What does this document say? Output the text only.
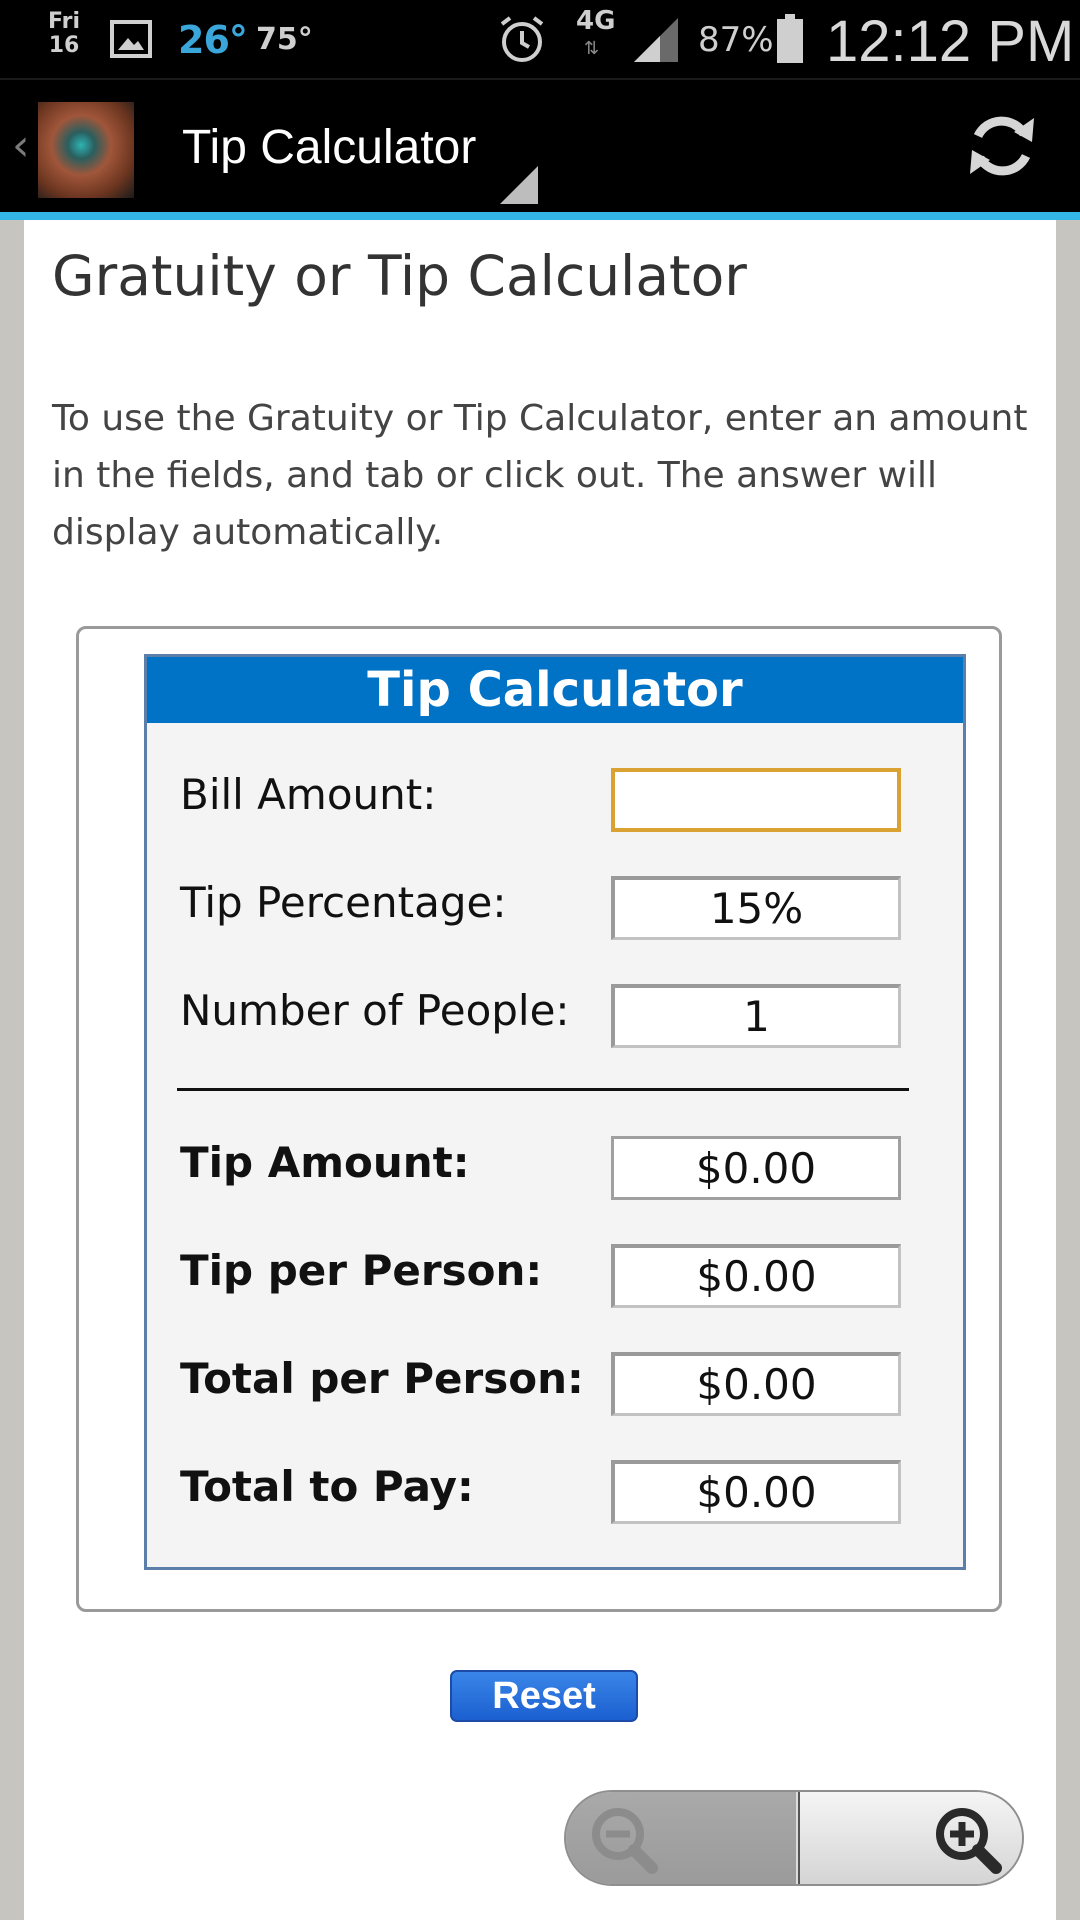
Fri
16	26° 75°
4G
⇅	87% 12:12 PM
‹	Tip Calculator
Gratuity or Tip Calculator

To use the Gratuity or Tip Calculator, enter an amount in the fields, and tab or click out. The answer will display automatically.

Tip Calculator
Bill Amount:
Tip Percentage:
15%
Number of People:
1
Tip Amount:
$0.00
Tip per Person:
$0.00
Total per Person:
$0.00
Total to Pay:
$0.00
Reset
